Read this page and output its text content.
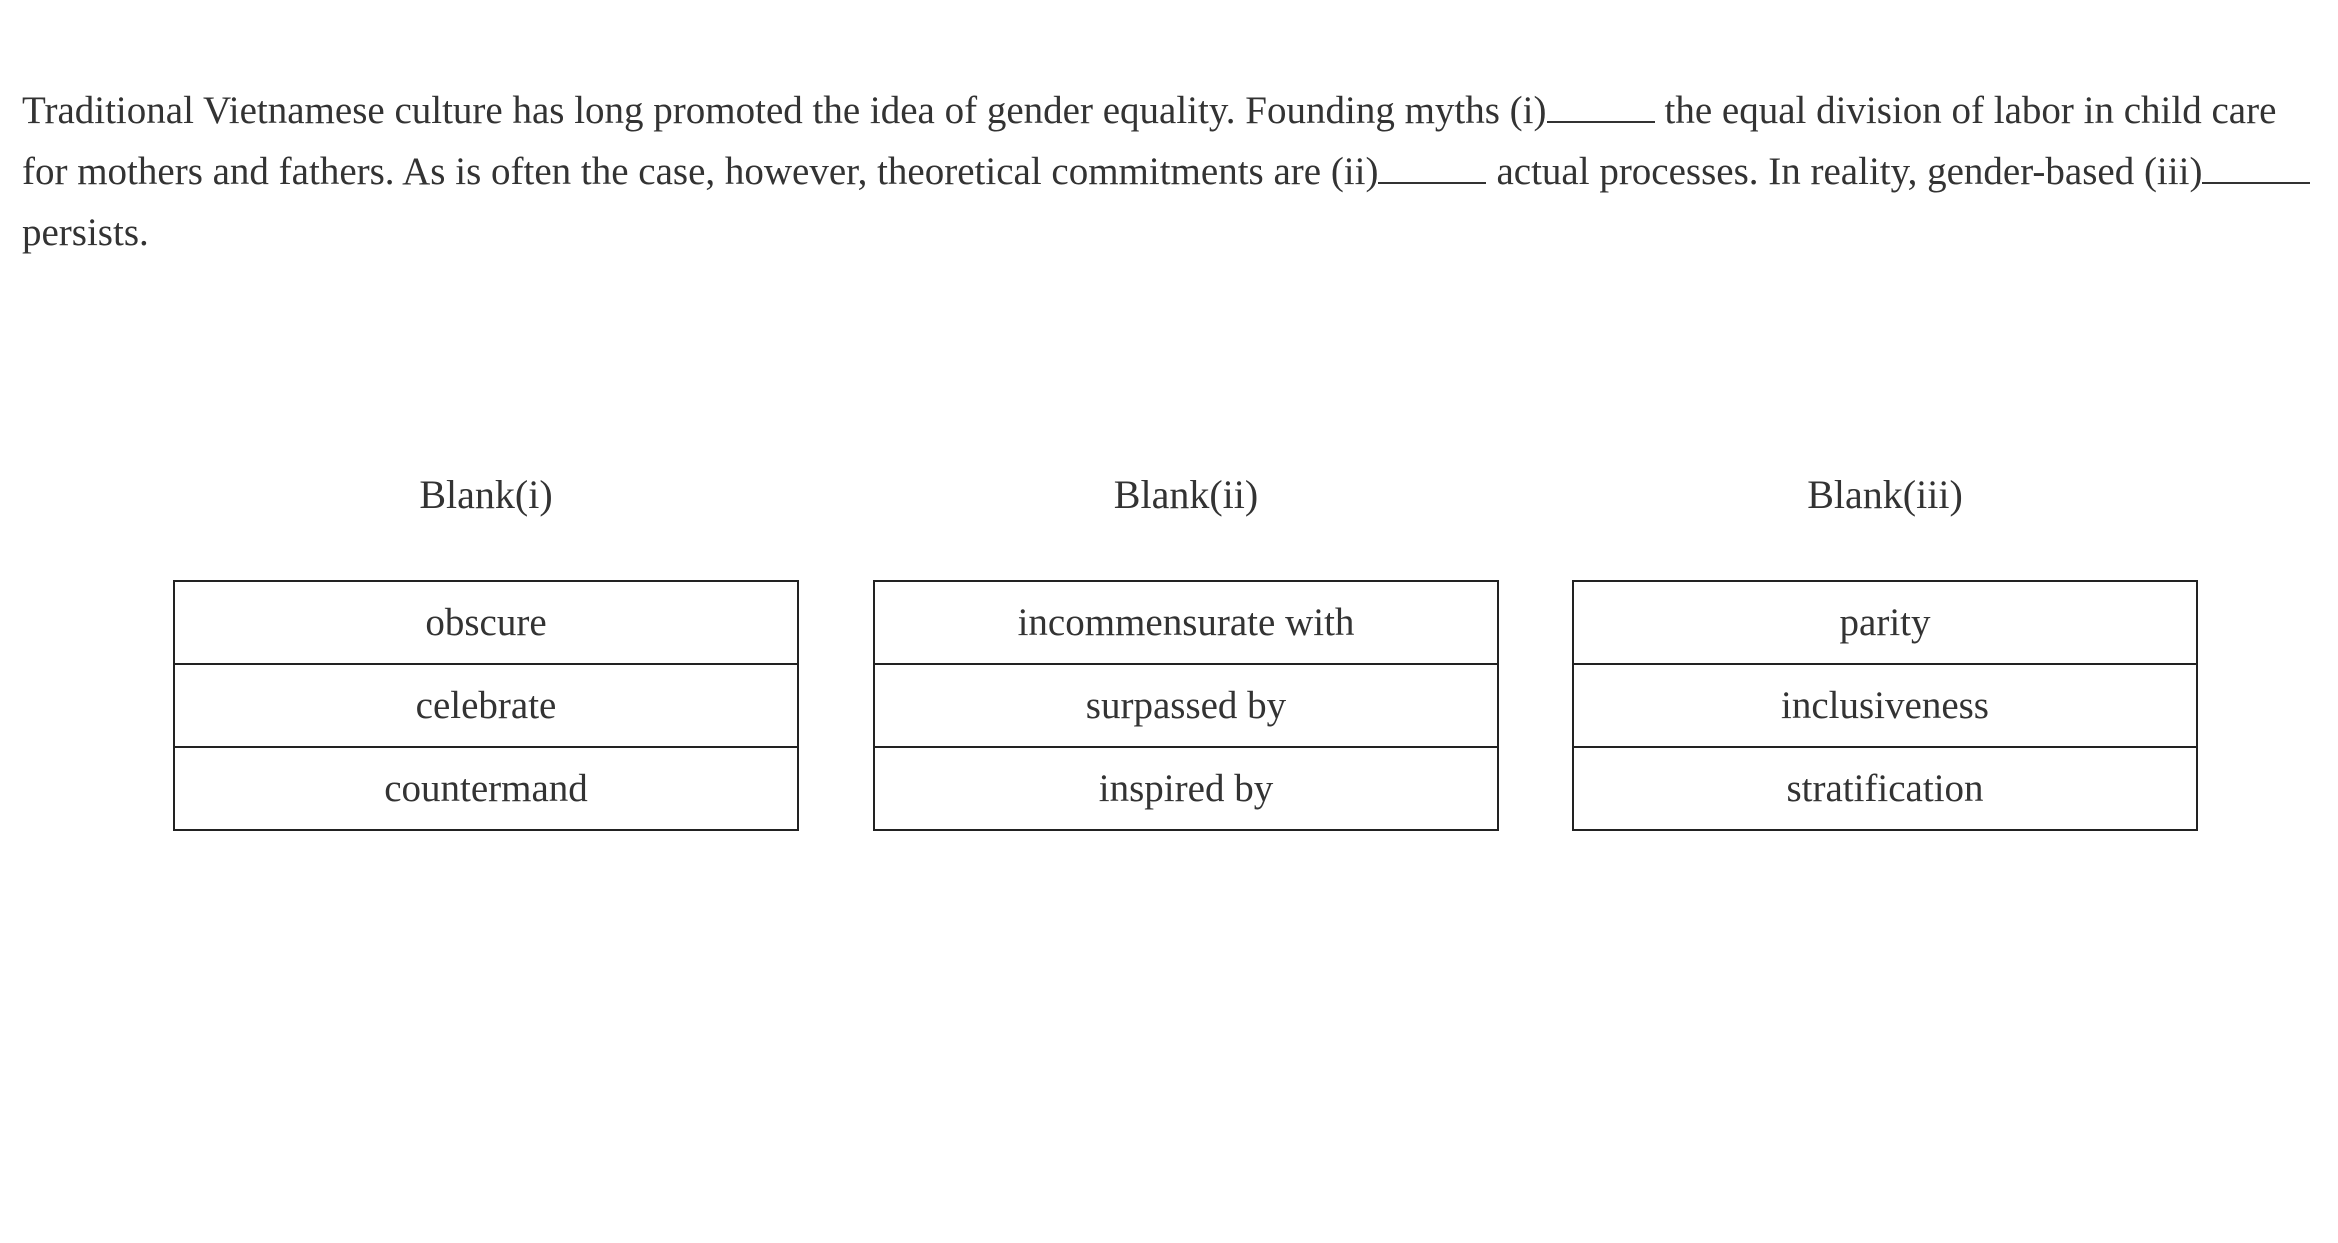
Traditional Vietnamese culture has long promoted the idea of gender equality. Founding myths (i)	the equal division of labor in child care for mothers and fathers. As is often the case, however, theoretical commitments are (ii)	actual processes. In reality, gender-based (iii)persists.

Blank(i)
obscure
celebrate
countermand
Blank(ii)
incommensurate with
surpassed by
inspired by
Blank(iii)
parity
inclusiveness
stratification
